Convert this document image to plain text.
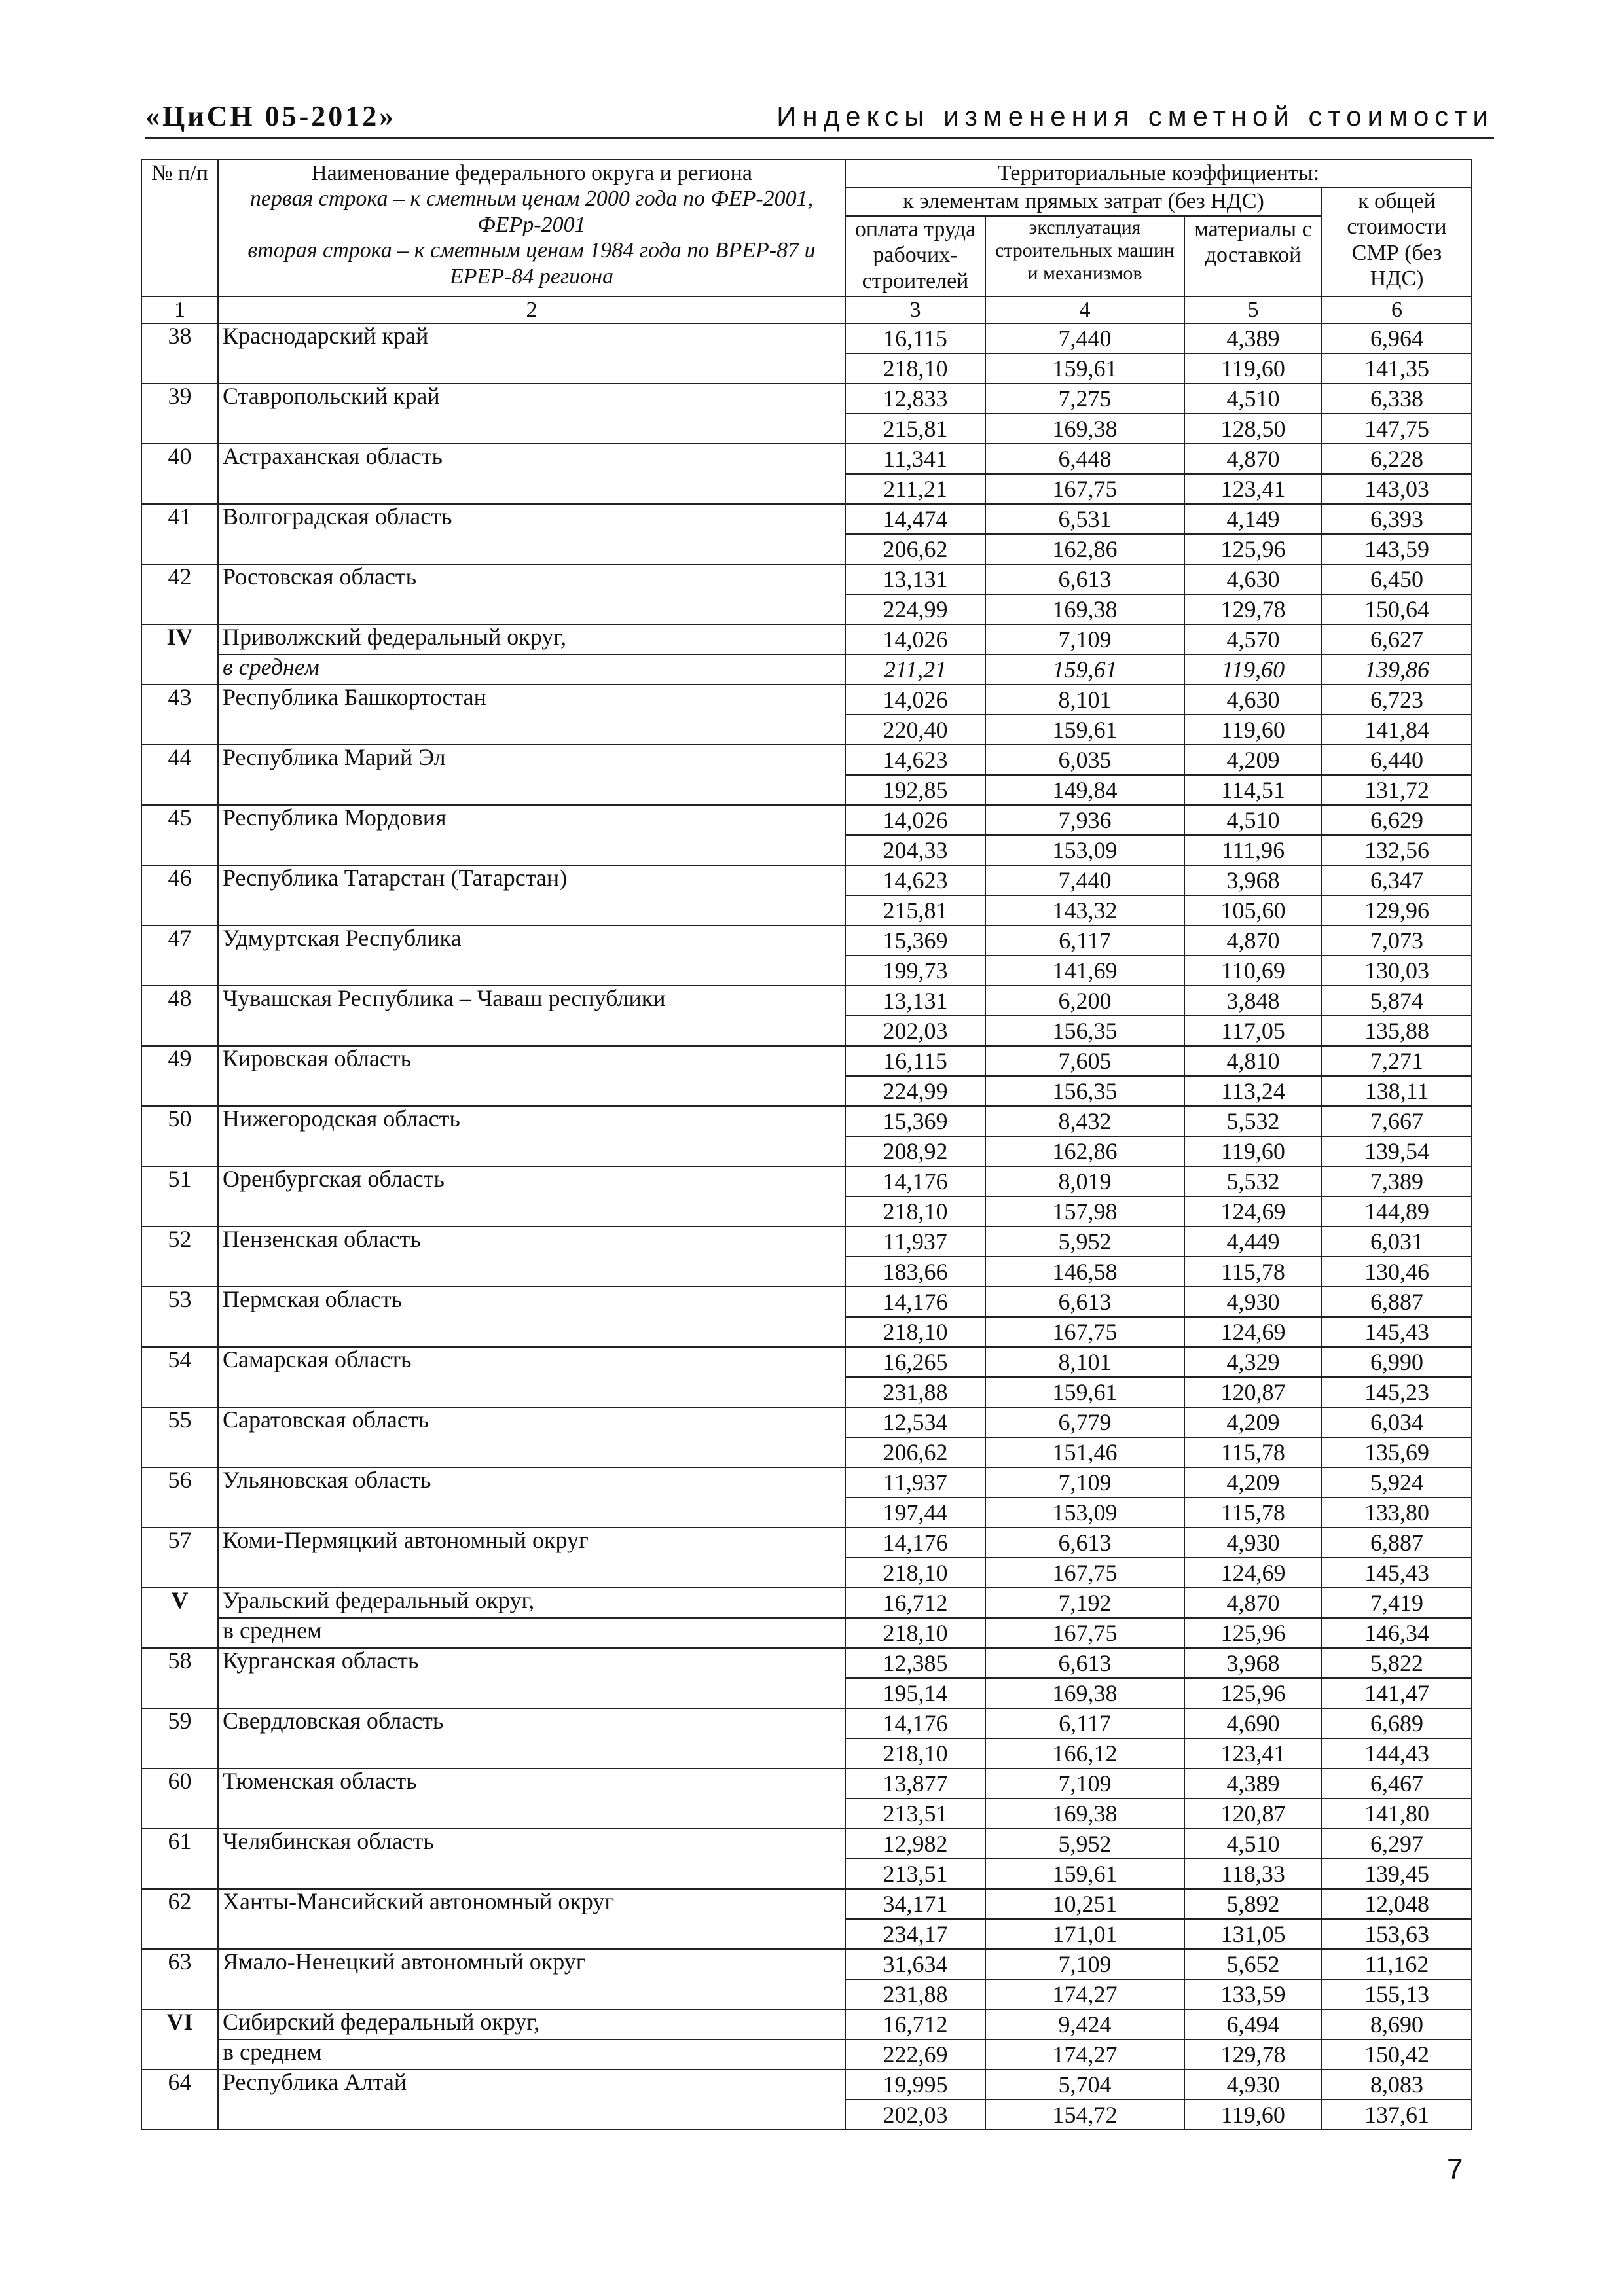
«ЦиСН 05-2012»	Индексы изменения сметной стоимости
№ п/п	Наименование федерального округа и региона
первая строка – к сметным ценам 2000 года по ФЕР-2001, ФЕРр-2001
вторая строка – к сметным ценам 1984 года по ВРЕР-87 и ЕРЕР-84 региона	Территориальные коэффициенты:			
		к элементам прямых затрат (без НДС)			к общей стоимости СМР (без НДС)
		оплата труда рабочих-строителей	эксплуатация строительных машин и механизмов	материалы с доставкой	
1	2	3	4	5	6
38	Краснодарский край	16,115	7,440	4,389	6,964
		218,10	159,61	119,60	141,35
39	Ставропольский край	12,833	7,275	4,510	6,338
		215,81	169,38	128,50	147,75
40	Астраханская область	11,341	6,448	4,870	6,228
		211,21	167,75	123,41	143,03
41	Волгоградская область	14,474	6,531	4,149	6,393
		206,62	162,86	125,96	143,59
42	Ростовская область	13,131	6,613	4,630	6,450
		224,99	169,38	129,78	150,64
IV	Приволжский федеральный округ,	14,026	7,109	4,570	6,627
	в среднем	211,21	159,61	119,60	139,86
43	Республика Башкортостан	14,026	8,101	4,630	6,723
		220,40	159,61	119,60	141,84
44	Республика Марий Эл	14,623	6,035	4,209	6,440
		192,85	149,84	114,51	131,72
45	Республика Мордовия	14,026	7,936	4,510	6,629
		204,33	153,09	111,96	132,56
46	Республика Татарстан (Татарстан)	14,623	7,440	3,968	6,347
		215,81	143,32	105,60	129,96
47	Удмуртская Республика	15,369	6,117	4,870	7,073
		199,73	141,69	110,69	130,03
48	Чувашская Республика – Чаваш республики	13,131	6,200	3,848	5,874
		202,03	156,35	117,05	135,88
49	Кировская область	16,115	7,605	4,810	7,271
		224,99	156,35	113,24	138,11
50	Нижегородская область	15,369	8,432	5,532	7,667
		208,92	162,86	119,60	139,54
51	Оренбургская область	14,176	8,019	5,532	7,389
		218,10	157,98	124,69	144,89
52	Пензенская область	11,937	5,952	4,449	6,031
		183,66	146,58	115,78	130,46
53	Пермская область	14,176	6,613	4,930	6,887
		218,10	167,75	124,69	145,43
54	Самарская область	16,265	8,101	4,329	6,990
		231,88	159,61	120,87	145,23
55	Саратовская область	12,534	6,779	4,209	6,034
		206,62	151,46	115,78	135,69
56	Ульяновская область	11,937	7,109	4,209	5,924
		197,44	153,09	115,78	133,80
57	Коми-Пермяцкий автономный округ	14,176	6,613	4,930	6,887
		218,10	167,75	124,69	145,43
V	Уральский федеральный округ,	16,712	7,192	4,870	7,419
	в среднем	218,10	167,75	125,96	146,34
58	Курганская область	12,385	6,613	3,968	5,822
		195,14	169,38	125,96	141,47
59	Свердловская область	14,176	6,117	4,690	6,689
		218,10	166,12	123,41	144,43
60	Тюменская область	13,877	7,109	4,389	6,467
		213,51	169,38	120,87	141,80
61	Челябинская область	12,982	5,952	4,510	6,297
		213,51	159,61	118,33	139,45
62	Ханты-Мансийский автономный округ	34,171	10,251	5,892	12,048
		234,17	171,01	131,05	153,63
63	Ямало-Ненецкий автономный округ	31,634	7,109	5,652	11,162
		231,88	174,27	133,59	155,13
VI	Сибирский федеральный округ,	16,712	9,424	6,494	8,690
	в среднем	222,69	174,27	129,78	150,42
64	Республика Алтай	19,995	5,704	4,930	8,083
		202,03	154,72	119,60	137,61
7
